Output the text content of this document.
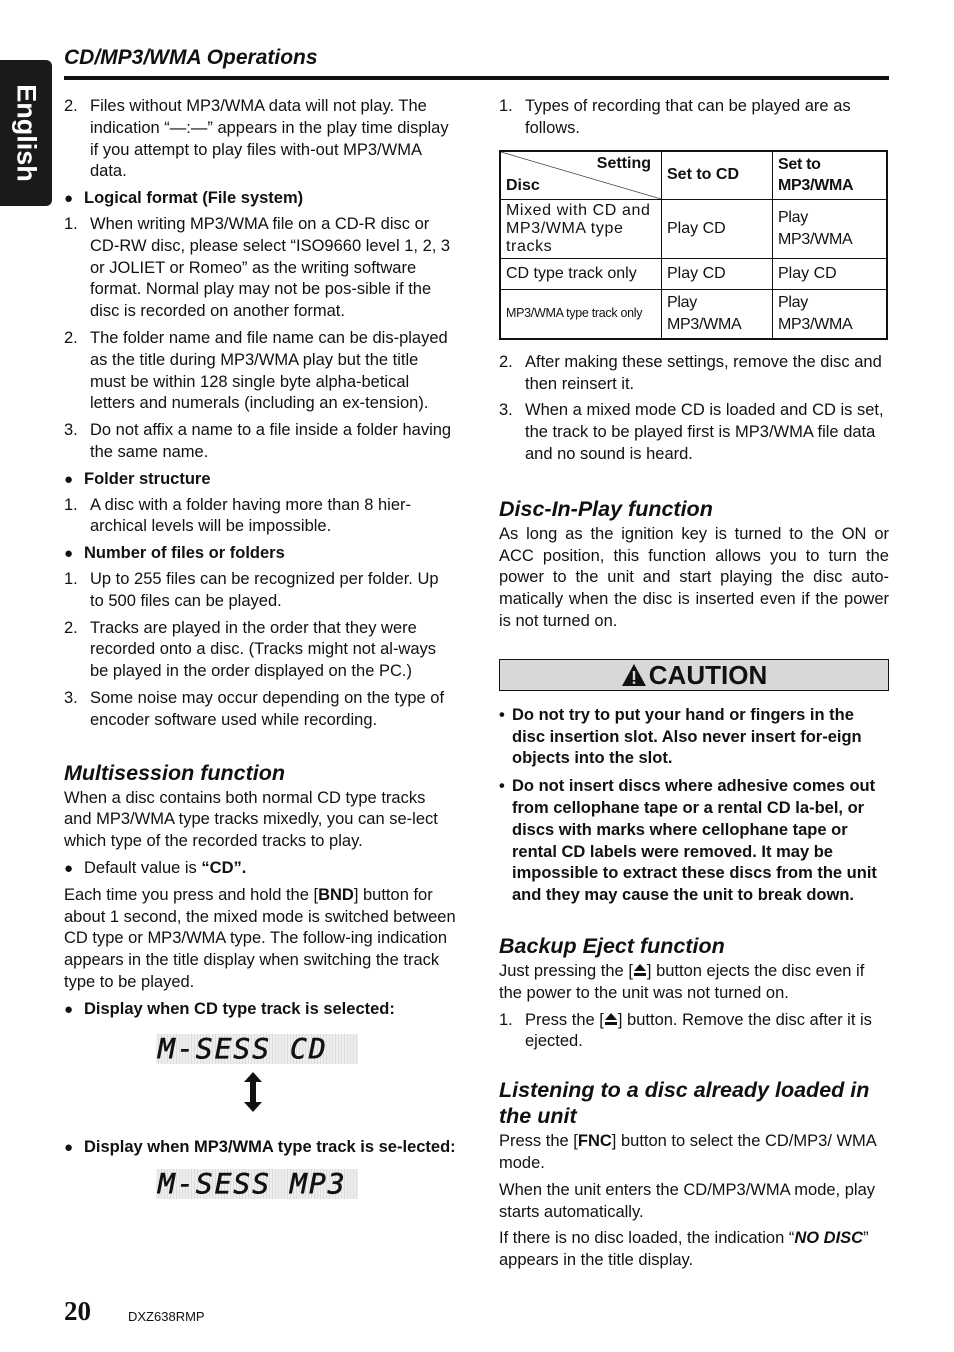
English
CD/MP3/WMA Operations
2. Files without MP3/WMA data will not play. The indication “—:—” appears in the play time display if you attempt to play files with-out MP3/WMA data.
● Logical format (File system)
1. When writing MP3/WMA file on a CD-R disc or CD-RW disc, please select “ISO9660 level 1, 2, 3 or JOLIET or Romeo” as the writing software format. Normal play may not be pos-sible if the disc is recorded on another format.
2. The folder name and file name can be dis-played as the title during MP3/WMA play but the title must be within 128 single byte alpha-betical letters and numerals (including an ex-tension).
3. Do not affix a name to a file inside a folder having the same name.
● Folder structure
1. A disc with a folder having more than 8 hier-archical levels will be impossible.
● Number of files or folders
1. Up to 255 files can be recognized per folder. Up to 500 files can be played.
2. Tracks are played in the order that they were recorded onto a disc. (Tracks might not al-ways be played in the order displayed on the PC.)
3. Some noise may occur depending on the type of encoder software used while recording.
Multisession function

When a disc contains both normal CD type tracks and MP3/WMA type tracks mixedly, you can se-lect which type of the recorded tracks to play.

● Default value is “CD”.

Each time you press and hold the [BND] button for about 1 second, the mixed mode is switched between CD type or MP3/WMA type. The follow-ing indication appears in the title display when switching the track type to be played.

● Display when CD type track is selected:
M-SESS CD
● Display when MP3/WMA type track is se-lected:
M-SESS MP3
1. Types of recording that can be played are as follows.
Setting
Disc	Set to CD	Set to MP3/WMA
Mixed with CD and MP3/WMA type tracks	Play CD	Play MP3/WMA
CD type track only	Play CD	Play CD
MP3/WMA type track only	Play MP3/WMA	Play MP3/WMA
2. After making these settings, remove the disc and then reinsert it.
3. When a mixed mode CD is loaded and CD is set, the track to be played first is MP3/WMA file data and no sound is heard.
Disc-In-Play function

As long as the ignition key is turned to the ON or ACC position, this function allows you to turn the power to the unit and start playing the disc auto-matically when the disc is inserted even if the power is not turned on.

CAUTION
• Do not try to put your hand or fingers in the disc insertion slot. Also never insert for-eign objects into the slot.
• Do not insert discs where adhesive comes out from cellophane tape or a rental CD la-bel, or discs with marks where cellophane tape or rental CD labels were removed. It may be impossible to extract these discs from the unit and they may cause the unit to break down.
Backup Eject function

Just pressing the [ ] button ejects the disc even if the power to the unit was not turned on.

1. Press the [ ] button. Remove the disc after it is ejected.
Listening to a disc already loaded in the unit

Press the [FNC] button to select the CD/MP3/ WMA mode.

When the unit enters the CD/MP3/WMA mode, play starts automatically.

If there is no disc loaded, the indication “NO DISC” appears in the title display.

20	DXZ638RMP
